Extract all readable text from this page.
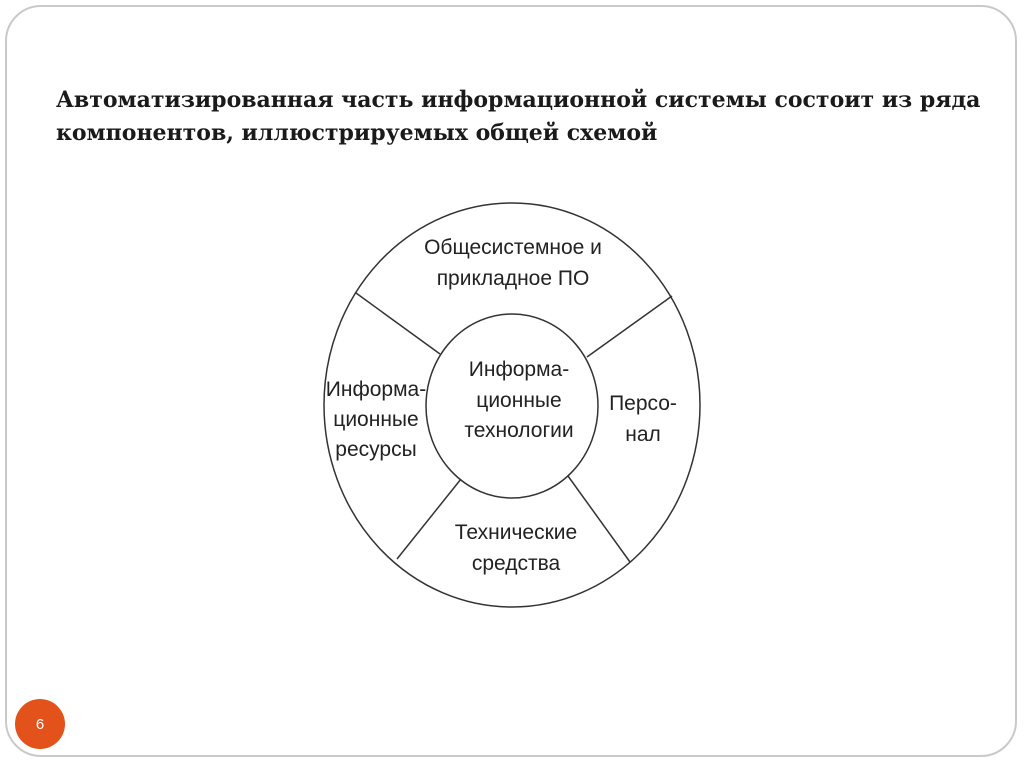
Автоматизированная часть информационной системы состоит из ряда
компонентов, иллюстрируемых общей схемой
Общесистемное и
прикладное ПО
Информа-
ционные
ресурсы
Персо-
нал
Технические
средства
Информа-
ционные
технологии
6
